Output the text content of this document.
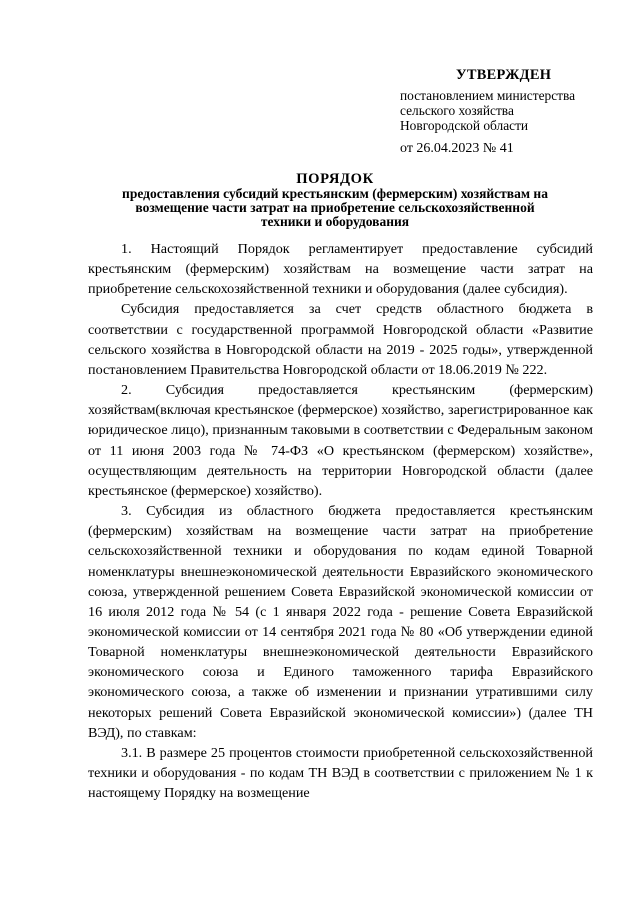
УТВЕРЖДЕН
постановлением министерства
сельского хозяйства
Новгородской области
от 26.04.2023 № 41
ПОРЯДОК
предоставления субсидий крестьянским (фермерским) хозяйствам на
возмещение части затрат на приобретение сельскохозяйственной
техники и оборудования

1. Настоящий Порядок регламентирует предоставление субсидий крестьянским (фермерским) хозяйствам на возмещение части затрат на приобретение сельскохозяйственной техники и оборудования (далее субсидия).

Субсидия предоставляется за счет средств областного бюджета в соответствии с государственной программой Новгородской области «Развитие сельского хозяйства в Новгородской области на 2019 - 2025 годы», утвержденной постановлением Правительства Новгородской области от 18.06.2019 № 222.

2. Субсидия предоставляется крестьянским (фермерским) хозяйствам(включая крестьянское (фермерское) хозяйство, зарегистрированное как юридическое лицо), признанным таковыми в соответствии с Федеральным законом от 11 июня 2003 года № 74-ФЗ «О крестьянском (фермерском) хозяйстве», осуществляющим деятельность на территории Новгородской области (далее крестьянское (фермерское) хозяйство).

3. Субсидия из областного бюджета предоставляется крестьянским (фермерским) хозяйствам на возмещение части затрат на приобретение сельскохозяйственной техники и оборудования по кодам единой Товарной номенклатуры внешнеэкономической деятельности Евразийского экономического союза, утвержденной решением Совета Евразийской экономической комиссии от 16 июля 2012 года № 54 (с 1 января 2022 года - решение Совета Евразийской экономической комиссии от 14 сентября 2021 года № 80 «Об утверждении единой Товарной номенклатуры внешнеэкономической деятельности Евразийского экономического союза и Единого таможенного тарифа Евразийского экономического союза, а также об изменении и признании утратившими силу некоторых решений Совета Евразийской экономической комиссии») (далее ТН ВЭД), по ставкам:

3.1. В размере 25 процентов стоимости приобретенной сельскохозяйственной техники и оборудования - по кодам ТН ВЭД в соответствии с приложением № 1 к настоящему Порядку на возмещение
